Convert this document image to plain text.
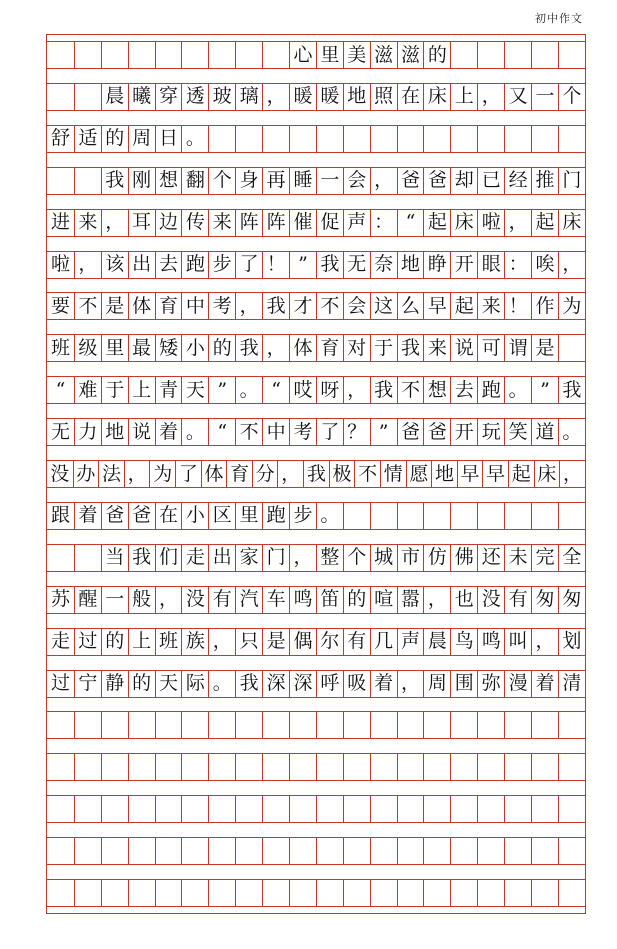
初中作文
心 里 美 滋 滋 的
晨 曦 穿 透 玻 璃 ， 暖 暖 地 照 在 床 上 ， 又 一 个
舒 适 的 周 日 。
我 刚 想 翻 个 身 再 睡 一 会 ， 爸 爸 却 已 经 推 门
进 来 ， 耳 边 传 来 阵 阵 催 促 声 ： “ 起 床 啦 ， 起 床
啦 ， 该 出 去 跑 步 了 ！ ” 我 无 奈 地 睁 开 眼 ： 唉 ，
要 不 是 体 育 中 考 ， 我 才 不 会 这 么 早 起 来 ！ 作 为
班 级 里 最 矮 小 的 我 ， 体 育 对 于 我 来 说 可 谓 是
“ 难 于 上 青 天 ” 。 “ 哎 呀 ， 我 不 想 去 跑 。 ” 我
无 力 地 说 着 。 “ 不 中 考 了 ？ ” 爸 爸 开 玩 笑 道 。
没 办 法 ， 为 了 体 育 分 ， 我 极 不 情 愿 地 早 早 起 床 ，
跟 着 爸 爸 在 小 区 里 跑 步 。
当 我 们 走 出 家 门 ， 整 个 城 市 仿 佛 还 未 完 全
苏 醒 一 般 ， 没 有 汽 车 鸣 笛 的 喧 嚣 ， 也 没 有 匆 匆
走 过 的 上 班 族 ， 只 是 偶 尔 有 几 声 晨 鸟 鸣 叫 ， 划
过 宁 静 的 天 际 。 我 深 深 呼 吸 着 ， 周 围 弥 漫 着 清
